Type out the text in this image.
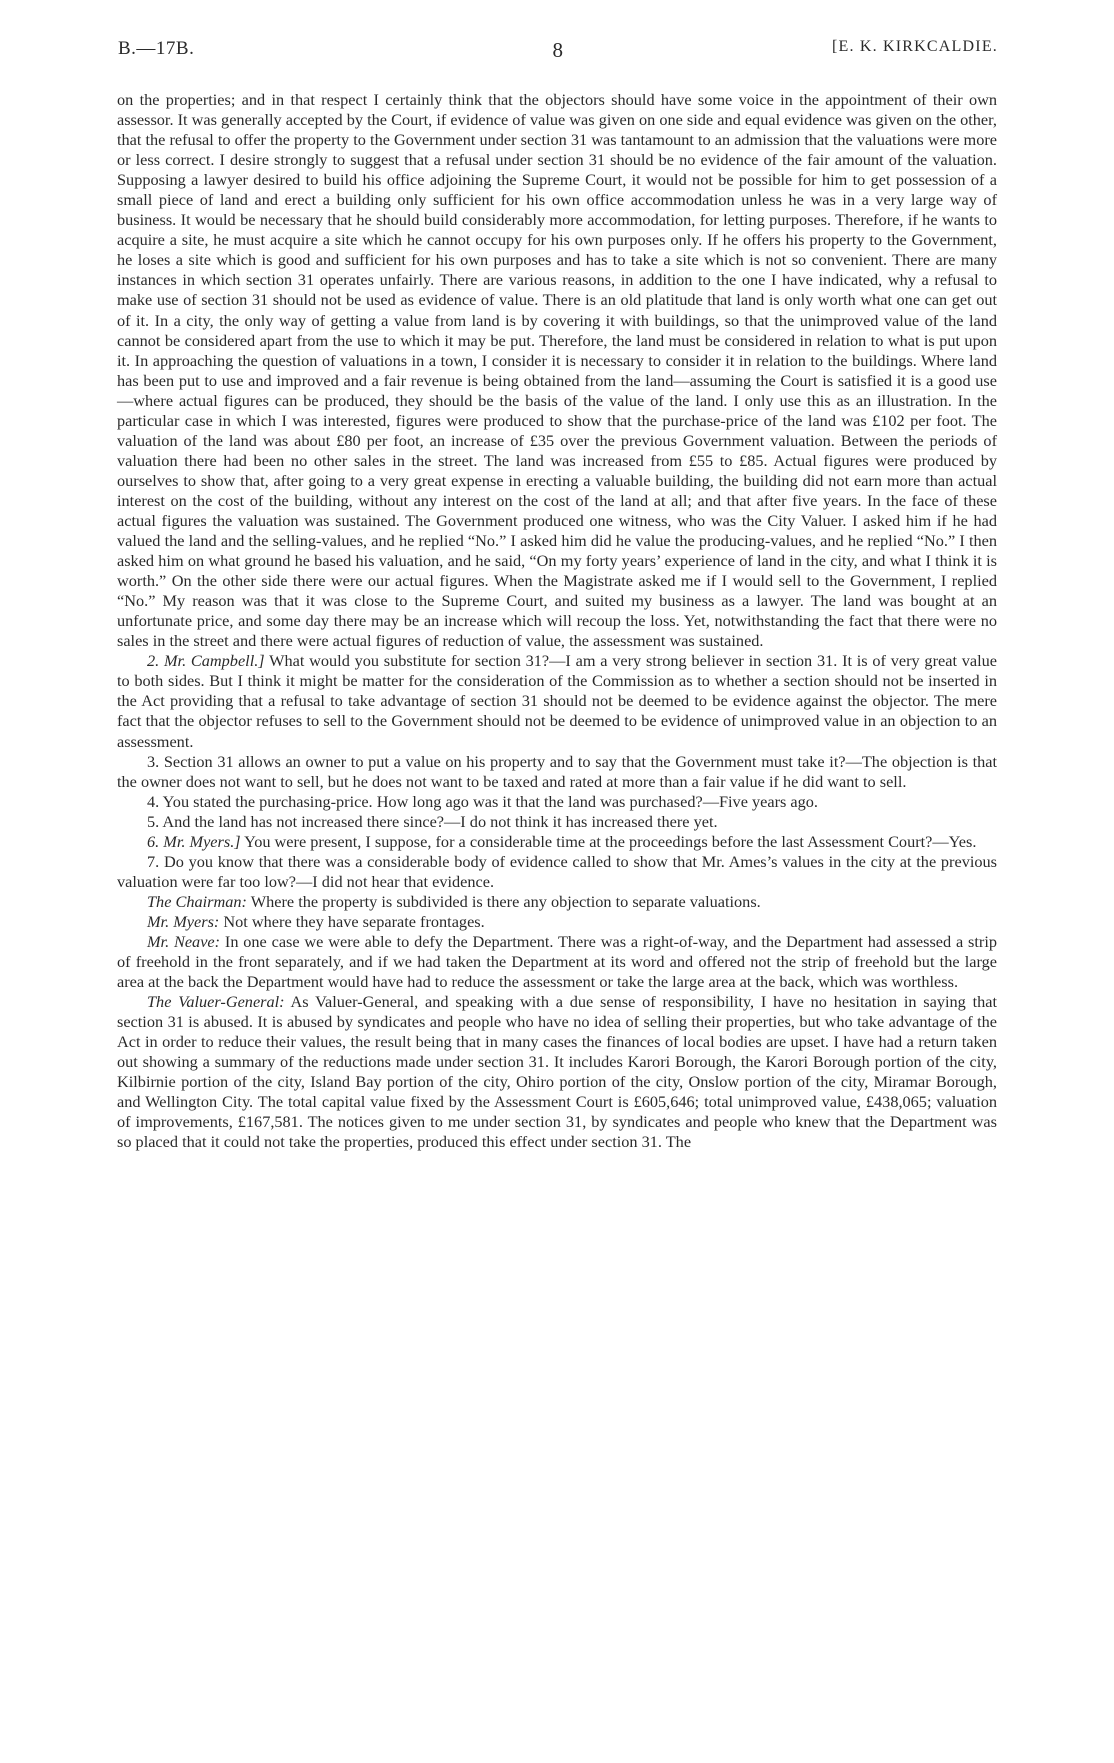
B.—17B.	8	[E. K. KIRKCALDIE.

on the properties; and in that respect I certainly think that the objectors should have some voice in the appointment of their own assessor. It was generally accepted by the Court, if evidence of value was given on one side and equal evidence was given on the other, that the refusal to offer the property to the Government under section 31 was tantamount to an admission that the valuations were more or less correct. I desire strongly to suggest that a refusal under section 31 should be no evidence of the fair amount of the valuation. Supposing a lawyer desired to build his office adjoining the Supreme Court, it would not be possible for him to get possession of a small piece of land and erect a building only sufficient for his own office accommodation unless he was in a very large way of business. It would be necessary that he should build considerably more accommodation, for letting purposes. Therefore, if he wants to acquire a site, he must acquire a site which he cannot occupy for his own purposes only. If he offers his property to the Government, he loses a site which is good and sufficient for his own purposes and has to take a site which is not so convenient. There are many instances in which section 31 operates unfairly. There are various reasons, in addition to the one I have indicated, why a refusal to make use of section 31 should not be used as evidence of value. There is an old platitude that land is only worth what one can get out of it. In a city, the only way of getting a value from land is by covering it with buildings, so that the unimproved value of the land cannot be considered apart from the use to which it may be put. Therefore, the land must be considered in relation to what is put upon it. In approaching the question of valuations in a town, I consider it is necessary to consider it in relation to the buildings. Where land has been put to use and improved and a fair revenue is being obtained from the land—assuming the Court is satisfied it is a good use—where actual figures can be produced, they should be the basis of the value of the land. I only use this as an illustration. In the particular case in which I was interested, figures were produced to show that the purchase-price of the land was £102 per foot. The valuation of the land was about £80 per foot, an increase of £35 over the previous Government valuation. Between the periods of valuation there had been no other sales in the street. The land was increased from £55 to £85. Actual figures were produced by ourselves to show that, after going to a very great expense in erecting a valuable building, the building did not earn more than actual interest on the cost of the building, without any interest on the cost of the land at all; and that after five years. In the face of these actual figures the valuation was sustained. The Government produced one witness, who was the City Valuer. I asked him if he had valued the land and the selling-values, and he replied “No.” I asked him did he value the producing-values, and he replied “No.” I then asked him on what ground he based his valuation, and he said, “On my forty years’ experience of land in the city, and what I think it is worth.” On the other side there were our actual figures. When the Magistrate asked me if I would sell to the Government, I replied “No.” My reason was that it was close to the Supreme Court, and suited my business as a lawyer. The land was bought at an unfortunate price, and some day there may be an increase which will recoup the loss. Yet, notwithstanding the fact that there were no sales in the street and there were actual figures of reduction of value, the assessment was sustained.

2. Mr. Campbell.] What would you substitute for section 31?—I am a very strong believer in section 31. It is of very great value to both sides. But I think it might be matter for the consideration of the Commission as to whether a section should not be inserted in the Act providing that a refusal to take advantage of section 31 should not be deemed to be evidence against the objector. The mere fact that the objector refuses to sell to the Government should not be deemed to be evidence of unimproved value in an objection to an assessment.

3. Section 31 allows an owner to put a value on his property and to say that the Government must take it?—The objection is that the owner does not want to sell, but he does not want to be taxed and rated at more than a fair value if he did want to sell.

4. You stated the purchasing-price. How long ago was it that the land was purchased?—Five years ago.

5. And the land has not increased there since?—I do not think it has increased there yet.

6. Mr. Myers.] You were present, I suppose, for a considerable time at the proceedings before the last Assessment Court?—Yes.

7. Do you know that there was a considerable body of evidence called to show that Mr. Ames’s values in the city at the previous valuation were far too low?—I did not hear that evidence.

The Chairman: Where the property is subdivided is there any objection to separate valuations.

Mr. Myers: Not where they have separate frontages.

Mr. Neave: In one case we were able to defy the Department. There was a right-of-way, and the Department had assessed a strip of freehold in the front separately, and if we had taken the Department at its word and offered not the strip of freehold but the large area at the back the Department would have had to reduce the assessment or take the large area at the back, which was worthless.

The Valuer-General: As Valuer-General, and speaking with a due sense of responsibility, I have no hesitation in saying that section 31 is abused. It is abused by syndicates and people who have no idea of selling their properties, but who take advantage of the Act in order to reduce their values, the result being that in many cases the finances of local bodies are upset. I have had a return taken out showing a summary of the reductions made under section 31. It includes Karori Borough, the Karori Borough portion of the city, Kilbirnie portion of the city, Island Bay portion of the city, Ohiro portion of the city, Onslow portion of the city, Miramar Borough, and Wellington City. The total capital value fixed by the Assessment Court is £605,646; total unimproved value, £438,065; valuation of improvements, £167,581. The notices given to me under section 31, by syndicates and people who knew that the Department was so placed that it could not take the properties, produced this effect under section 31. The
